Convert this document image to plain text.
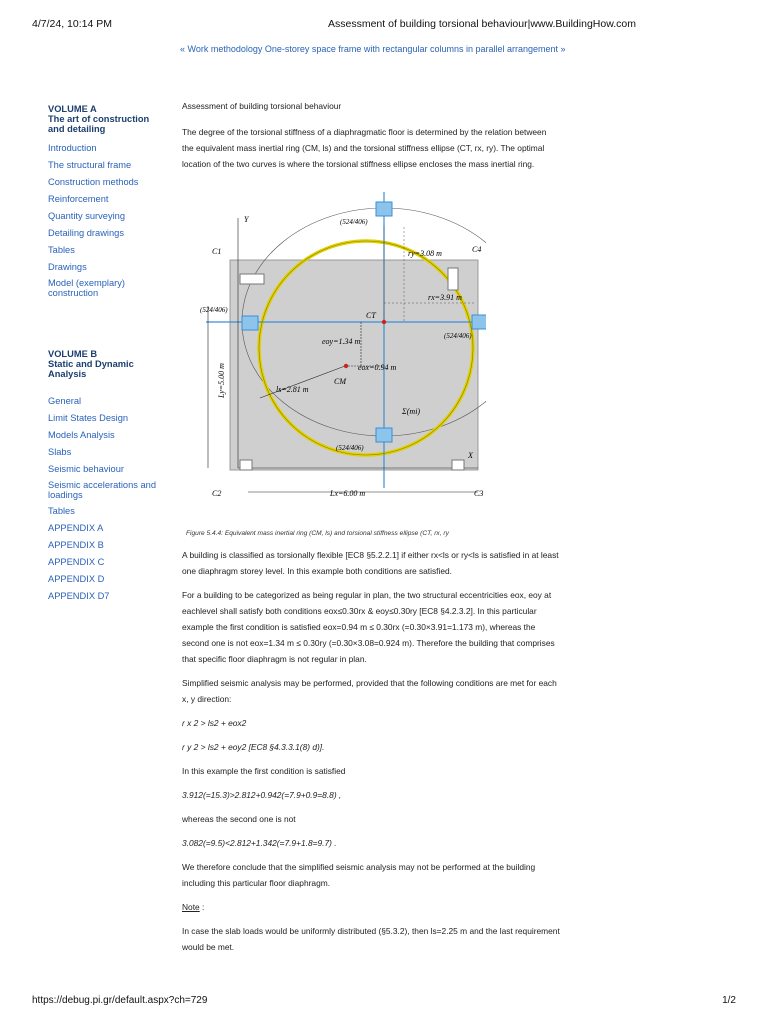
4/7/24, 10:14 PM	Assessment of building torsional behaviour|www.BuildingHow.com
« Work methodology One-storey space frame with rectangular columns in parallel arrangement »
VOLUME A
The art of construction and detailing
Introduction
The structural frame
Construction methods
Reinforcement
Quantity surveying
Detailing drawings
Tables
Drawings
Model (exemplary) construction
VOLUME B
Static and Dynamic Analysis
General
Limit States Design
Models Analysis
Slabs
Seismic behaviour
Seismic accelerations and loadings
Tables
APPENDIX A
APPENDIX B
APPENDIX C
APPENDIX D
APPENDIX D7

Assessment of building torsional behaviour

The degree of the torsional stiffness of a diaphragmatic floor is determined by the relation between the equivalent mass inertial ring (CM, ls) and the torsional stiffness ellipse (CT, rx, ry). The optimal location of the two curves is where the torsional stiffness ellipse encloses the mass inertial ring.

Y
X
C1
C2	C3
C4
(524/406)
(524/406)
(524/406)
(524/406)
ry=3.08 m
rx=3.91 m
CT
eoy=1.34 m
eox=0.94 m
CM
ls=2.81 m
Σ(mi)
Ly=5.00 m
Lx=6.00 m
Figure 5.4.4: Equivalent mass inertial ring (CM, ls) and torsional stiffness ellipse (CT, rx, ry

A building is classified as torsionally flexible [EC8 §5.2.2.1] if either rx<ls or ry<ls is satisfied in at least one diaphragm storey level. In this example both conditions are satisfied.

For a building to be categorized as being regular in plan, the two structural eccentricities eox, eoy at eachlevel shall satisfy both conditions eox≤0.30rx & eoy≤0.30ry [EC8 §4.2.3.2]. In this particular example the first condition is satisfied eox=0.94 m ≤ 0.30rx (=0.30×3.91=1.173 m), whereas the second one is not eox=1.34 m ≤ 0.30ry (=0.30×3.08=0.924 m). Therefore the building that comprises that specific floor diaphragm is not regular in plan.

Simplified seismic analysis may be performed, provided that the following conditions are met for each x, y direction:

r x 2 > ls2 + eox2

r y 2 > ls2 + eoy2 [EC8 §4.3.3.1(8) d)].

In this example the first condition is satisfied

3.912(=15.3)>2.812+0.942(=7.9+0.9=8.8) ,

whereas the second one is not

3.082(=9.5)<2.812+1.342(=7.9+1.8=9.7) .

We therefore conclude that the simplified seismic analysis may not be performed at the building including this particular floor diaphragm.

Note :

In case the slab loads would be uniformly distributed (§5.3.2), then ls=2.25 m and the last requirement would be met.

https://debug.pi.gr/default.aspx?ch=729	1/2
